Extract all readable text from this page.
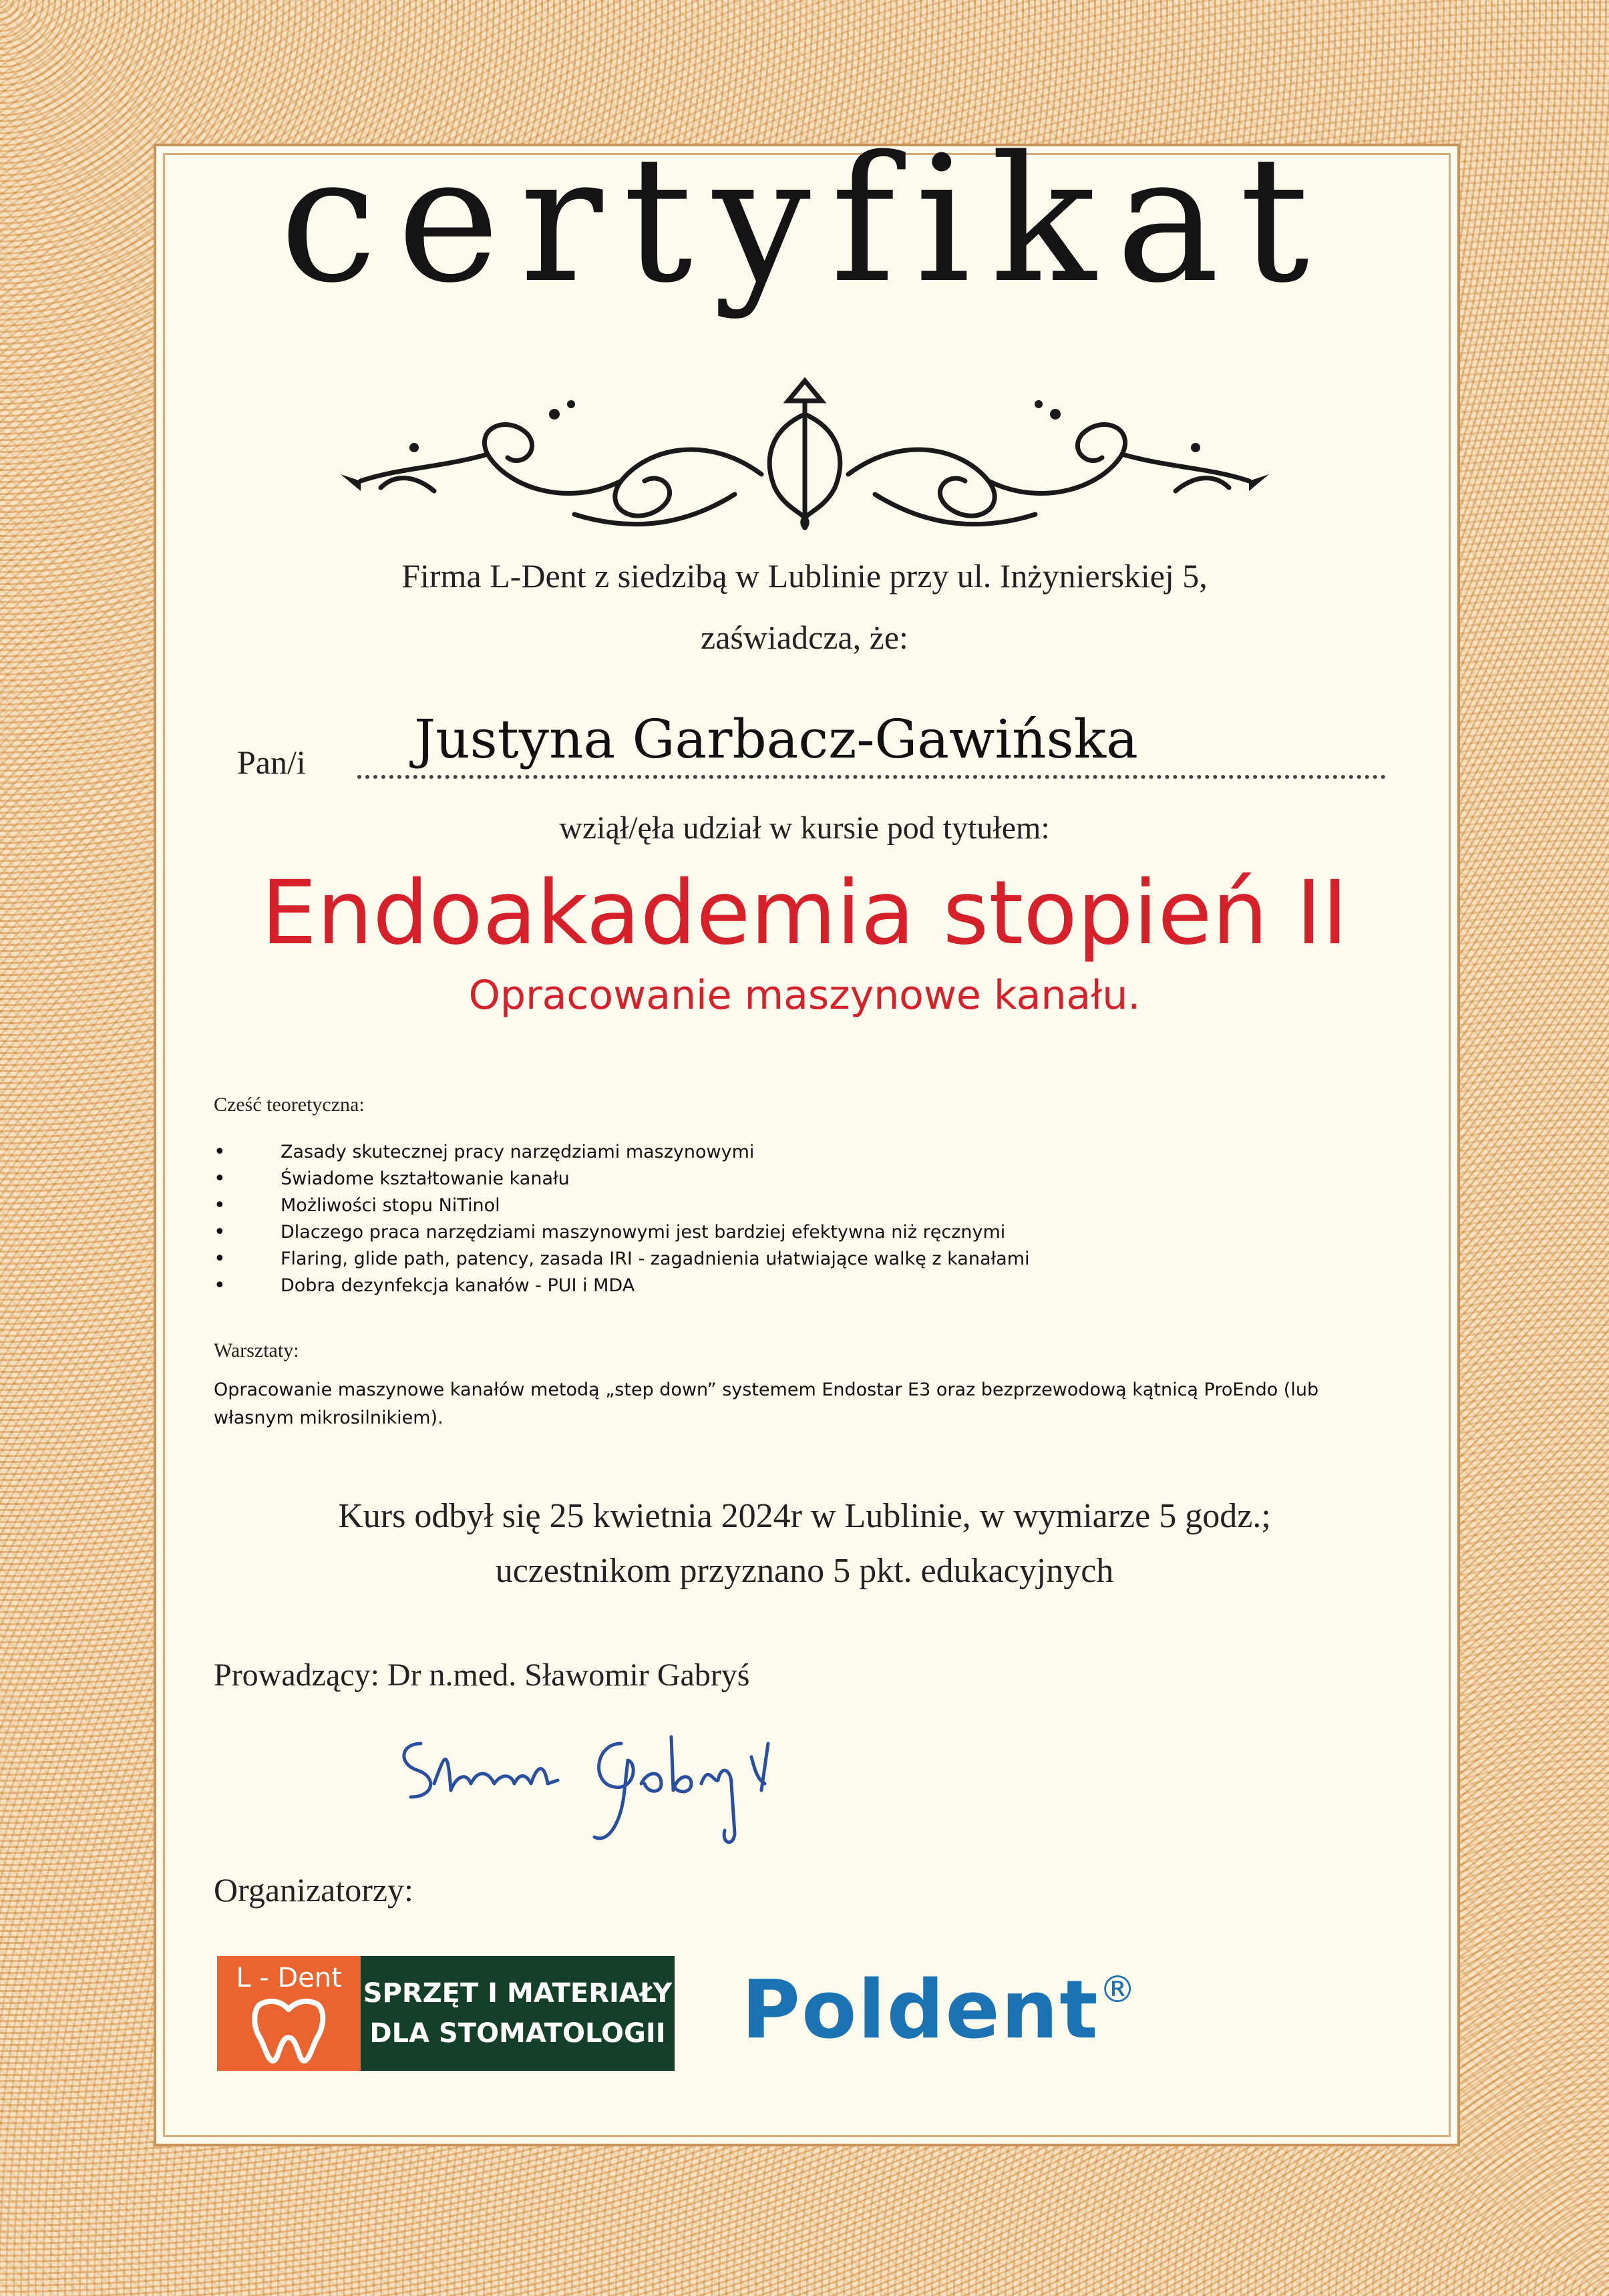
certyfikat
Firma L-Dent z siedzibą w Lublinie przy ul. Inżynierskiej 5,
zaświadcza, że:
Pan/i Justyna Garbacz-Gawińska
wziął/ęła udział w kursie pod tytułem:
Endoakademia stopień II
Opracowanie maszynowe kanału.
Cześć teoretyczna:
• Zasady skutecznej pracy narzędziami maszynowymi
• Świadome kształtowanie kanału
• Możliwości stopu NiTinol
• Dlaczego praca narzędziami maszynowymi jest bardziej efektywna niż ręcznymi
• Flaring, glide path, patency, zasada IRI - zagadnienia ułatwiające walkę z kanałami
• Dobra dezynfekcja kanałów - PUI i MDA
Warsztaty:
Opracowanie maszynowe kanałów metodą „step down” systemem Endostar E3 oraz bezprzewodową kątnicą ProEndo (lub własnym mikrosilnikiem).
Kurs odbył się 25 kwietnia 2024r w Lublinie, w wymiarze 5 godz.;
uczestnikom przyznano 5 pkt. edukacyjnych
Prowadzący: Dr n.med. Sławomir Gabryś
Organizatorzy:
L - Dent SPRZĘT I MATERIAŁY
DLA STOMATOLOGII Poldent®
